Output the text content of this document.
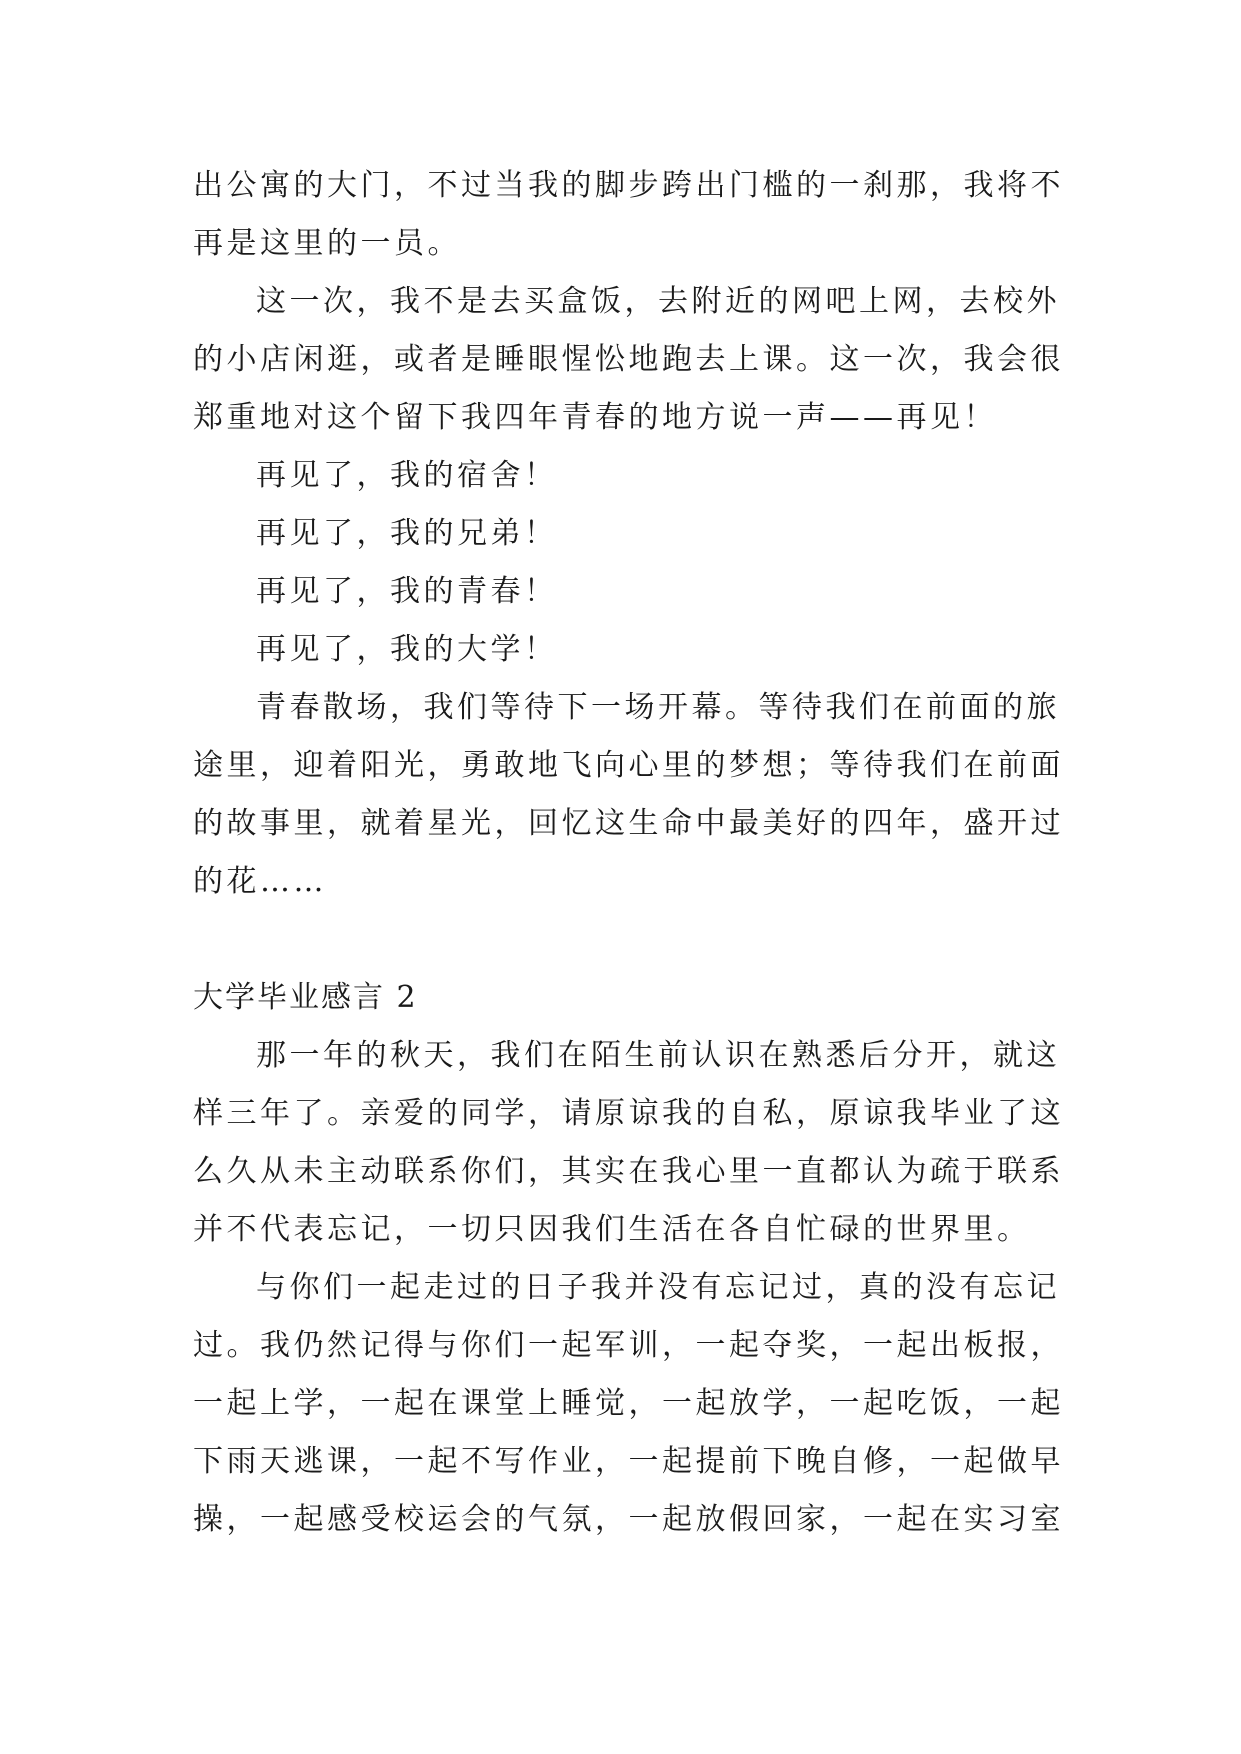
出公寓的大门，不过当我的脚步跨出门槛的一刹那，我将不
再是这里的一员。
这一次，我不是去买盒饭，去附近的网吧上网，去校外
的小店闲逛，或者是睡眼惺忪地跑去上课。这一次，我会很
郑重地对这个留下我四年青春的地方说一声——再见！
再见了，我的宿舍！
再见了，我的兄弟！
再见了，我的青春！
再见了，我的大学！
青春散场，我们等待下一场开幕。等待我们在前面的旅
途里，迎着阳光，勇敢地飞向心里的梦想；等待我们在前面
的故事里，就着星光，回忆这生命中最美好的四年，盛开过
的花……
大学毕业感言 2
那一年的秋天，我们在陌生前认识在熟悉后分开，就这
样三年了。亲爱的同学，请原谅我的自私，原谅我毕业了这
么久从未主动联系你们，其实在我心里一直都认为疏于联系
并不代表忘记，一切只因我们生活在各自忙碌的世界里。
与你们一起走过的日子我并没有忘记过，真的没有忘记
过。我仍然记得与你们一起军训，一起夺奖，一起出板报，
一起上学，一起在课堂上睡觉，一起放学，一起吃饭，一起
下雨天逃课，一起不写作业，一起提前下晚自修，一起做早
操，一起感受校运会的气氛，一起放假回家，一起在实习室
